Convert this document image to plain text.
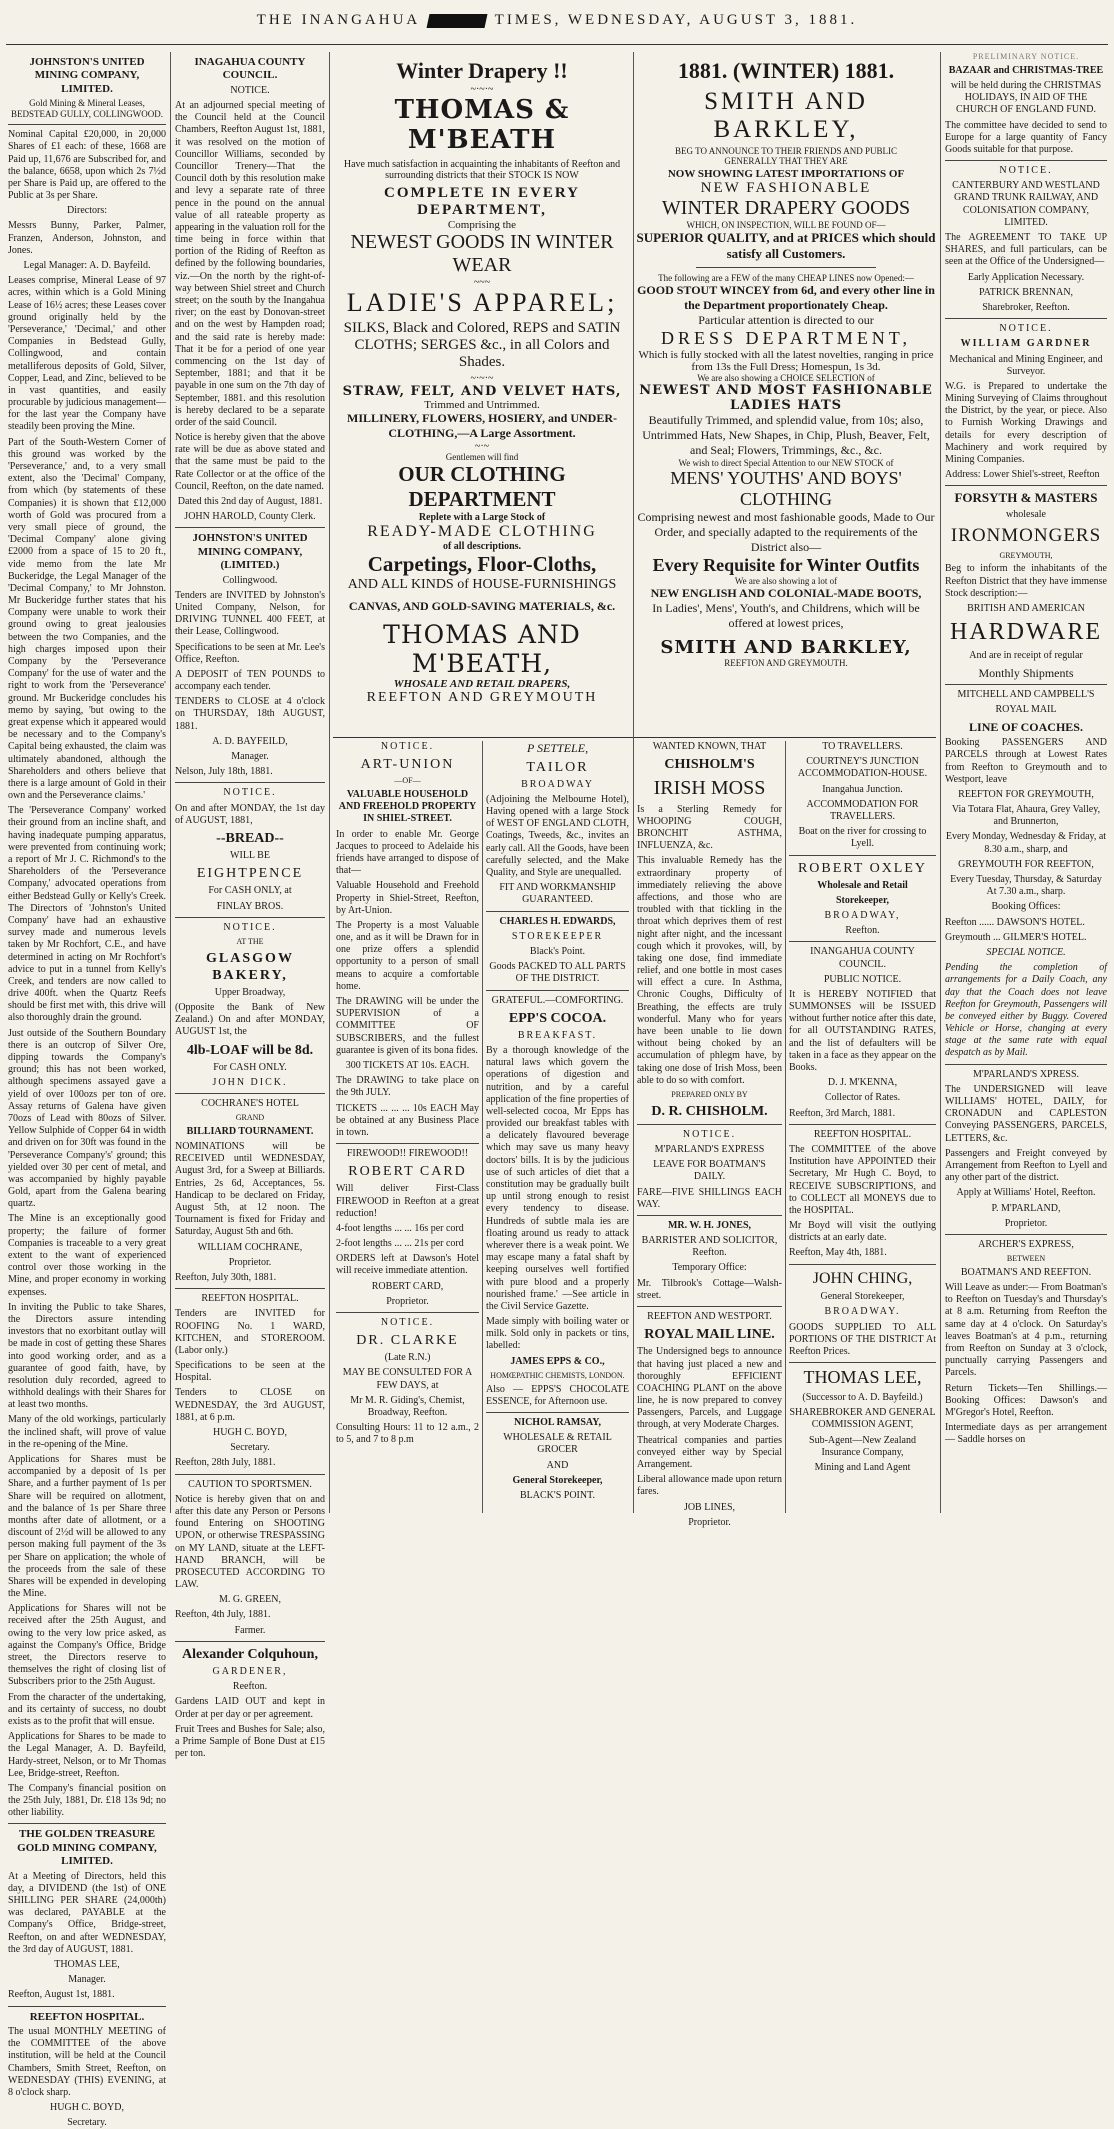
THE INANGAHUA	TIMES, WEDNESDAY, AUGUST 3, 1881.
JOHNSTON'S UNITED MINING COMPANY, LIMITED.

Gold Mining & Mineral Leases, BEDSTEAD GULLY, COLLINGWOOD.

Nominal Capital £20,000, in 20,000 Shares of £1 each: of these, 1668 are Paid up, 11,676 are Subscribed for, and the balance, 6658, upon which 2s 7½d per Share is Paid up, are offered to the Public at 3s per Share.

Directors:

Messrs Bunny, Parker, Palmer, Franzen, Anderson, Johnston, and Jones.

Legal Manager: A. D. Bayfeild.

Leases comprise, Mineral Lease of 97 acres, within which is a Gold Mining Lease of 16½ acres; these Leases cover ground originally held by the 'Perseverance,' 'Decimal,' and other Companies in Bedstead Gully, Collingwood, and contain metalliferous deposits of Gold, Silver, Copper, Lead, and Zinc, believed to be in vast quantities, and easily procurable by judicious management—for the last year the Company have steadily been proving the Mine.

Part of the South-Western Corner of this ground was worked by the 'Perseverance,' and, to a very small extent, also the 'Decimal' Company, from which (by statements of these Companies) it is shown that £12,000 worth of Gold was procured from a very small piece of ground, the 'Decimal Company' alone giving £2000 from a space of 15 to 20 ft., vide memo from the late Mr Buckeridge, the Legal Manager of the 'Decimal Company,' to Mr Johnston. Mr Buckeridge further states that his Company were unable to work their ground owing to great jealousies between the two Companies, and the high charges imposed upon their Company by the 'Perseverance Company' for the use of water and the right to work from the 'Perseverance' ground. Mr Buckeridge concludes his memo by saying, 'but owing to the great expense which it appeared would be necessary and to the Company's Capital being exhausted, the claim was ultimately abandoned, although the Shareholders and others believe that there is a large amount of Gold in their own and the Perseverance claims.'

The 'Perseverance Company' worked their ground from an incline shaft, and having inadequate pumping apparatus, were prevented from continuing work; a report of Mr J. C. Richmond's to the Shareholders of the 'Perseverance Company,' advocated operations from either Bedstead Gully or Kelly's Creek. The Directors of 'Johnston's United Company' have had an exhaustive survey made and numerous levels taken by Mr Rochfort, C.E., and have determined in acting on Mr Rochfort's advice to put in a tunnel from Kelly's Creek, and tenders are now called to drive 400ft. when the Quartz Reefs should be first met with, this drive will also thoroughly drain the ground.

Just outside of the Southern Boundary there is an outcrop of Silver Ore, dipping towards the Company's ground; this has not been worked, although specimens assayed gave a yield of over 100ozs per ton of ore. Assay returns of Galena have given 70ozs of Lead with 80ozs of Silver. Yellow Sulphide of Copper 64 in width and driven on for 30ft was found in the 'Perseverance Company's' ground; this yielded over 30 per cent of metal, and was accompanied by highly payable Gold, apart from the Galena bearing quartz.

The Mine is an exceptionally good property; the failure of former Companies is traceable to a very great extent to the want of experienced control over those working in the Mine, and proper economy in working expenses.

In inviting the Public to take Shares, the Directors assure intending investors that no exorbitant outlay will be made in cost of getting these Shares into good working order, and as a guarantee of good faith, have, by resolution duly recorded, agreed to withhold dealings with their Shares for at least two months.

Many of the old workings, particularly the inclined shaft, will prove of value in the re-opening of the Mine.

Applications for Shares must be accompanied by a deposit of 1s per Share, and a further payment of 1s per Share will be required on allotment, and the balance of 1s per Share three months after date of allotment, or a discount of 2½d will be allowed to any person making full payment of the 3s per Share on application; the whole of the proceeds from the sale of these Shares will be expended in developing the Mine.

Applications for Shares will not be received after the 25th August, and owing to the very low price asked, as against the Company's Office, Bridge street, the Directors reserve to themselves the right of closing list of Subscribers prior to the 25th August.

From the character of the undertaking, and its certainty of success, no doubt exists as to the profit that will ensue.

Applications for Shares to be made to the Legal Manager, A. D. Bayfeild, Hardy-street, Nelson, or to Mr Thomas Lee, Bridge-street, Reefton.

The Company's financial position on the 25th July, 1881, Dr. £18 13s 9d; no other liability.

THE GOLDEN TREASURE GOLD MINING COMPANY, LIMITED.

At a Meeting of Directors, held this day, a DIVIDEND (the 1st) of ONE SHILLING PER SHARE (24,000th) was declared, PAYABLE at the Company's Office, Bridge-street, Reefton, on and after WEDNESDAY, the 3rd day of AUGUST, 1881.

THOMAS LEE,

Manager.

Reefton, August 1st, 1881.

REEFTON HOSPITAL.

The usual MONTHLY MEETING of the COMMITTEE of the above institution, will be held at the Council Chambers, Smith Street, Reefton, on WEDNESDAY (THIS) EVENING, at 8 o'clock sharp.

HUGH C. BOYD,

Secretary.

INAGAHUA COUNTY COUNCIL.

NOTICE.

At an adjourned special meeting of the Council held at the Council Chambers, Reefton August 1st, 1881, it was resolved on the motion of Councillor Williams, seconded by Councillor Trenery—That the Council doth by this resolution make and levy a separate rate of three pence in the pound on the annual value of all rateable property as appearing in the valuation roll for the time being in force within that portion of the Riding of Reefton as defined by the following boundaries, viz.—On the north by the right-of-way between Shiel street and Church street; on the south by the Inangahua river; on the east by Donovan-street and on the west by Hampden road; and the said rate is hereby made: That it be for a period of one year commencing on the 1st day of September, 1881; and that it be payable in one sum on the 7th day of September, 1881. and this resolution is hereby declared to be a separate order of the said Council.

Notice is hereby given that the above rate will be due as above stated and that the same must be paid to the Rate Collector or at the office of the Council, Reefton, on the date named.

Dated this 2nd day of August, 1881.

JOHN HAROLD, County Clerk.

JOHNSTON'S UNITED MINING COMPANY, (LIMITED.)

Collingwood.

Tenders are INVITED by Johnston's United Company, Nelson, for DRIVING TUNNEL 400 FEET, at their Lease, Collingwood.

Specifications to be seen at Mr. Lee's Office, Reefton.

A DEPOSIT of TEN POUNDS to accompany each tender.

TENDERS to CLOSE at 4 o'clock on THURSDAY, 18th AUGUST, 1881.

A. D. BAYFEILD,

Manager.

Nelson, July 18th, 1881.

NOTICE.

On and after MONDAY, the 1st day of AUGUST, 1881,

--BREAD--

WILL BE

EIGHTPENCE

For CASH ONLY, at

FINLAY BROS.

NOTICE.

AT THE

GLASGOW BAKERY,

Upper Broadway,

(Opposite the Bank of New Zealand.) On and after MONDAY, AUGUST 1st, the

4lb-LOAF will be 8d.

For CASH ONLY.

JOHN DICK.

COCHRANE'S HOTEL

GRAND

BILLIARD TOURNAMENT.

NOMINATIONS will be RECEIVED until WEDNESDAY, August 3rd, for a Sweep at Billiards. Entries, 2s 6d, Acceptances, 5s. Handicap to be declared on Friday, August 5th, at 12 noon. The Tournament is fixed for Friday and Saturday, August 5th and 6th.

WILLIAM COCHRANE,

Proprietor.

Reefton, July 30th, 1881.

REEFTON HOSPITAL.

Tenders are INVITED for ROOFING No. 1 WARD, KITCHEN, and STOREROOM. (Labor only.)

Specifications to be seen at the Hospital.

Tenders to CLOSE on WEDNESDAY, the 3rd AUGUST, 1881, at 6 p.m.

HUGH C. BOYD,

Secretary.

Reefton, 28th July, 1881.

CAUTION TO SPORTSMEN.

Notice is hereby given that on and after this date any Person or Persons found Entering on SHOOTING UPON, or otherwise TRESPASSING on MY LAND, situate at the LEFT-HAND BRANCH, will be PROSECUTED ACCORDING TO LAW.

M. G. GREEN,

Reefton, 4th July, 1881.

Farmer.

Alexander Colquhoun,

GARDENER,

Reefton.

Gardens LAID OUT and kept in Order at per day or per agreement.

Fruit Trees and Bushes for Sale; also, a Prime Sample of Bone Dust at £15 per ton.

Winter Drapery !!

~·~·~

THOMAS & M'BEATH

Have much satisfaction in acquainting the inhabitants of Reefton and surrounding districts that their STOCK IS NOW

COMPLETE IN EVERY DEPARTMENT,

Comprising the

NEWEST GOODS IN WINTER WEAR

~~~

LADIE'S APPAREL;

SILKS, Black and Colored, REPS and SATIN CLOTHS; SERGES &c., in all Colors and Shades.

~·~·~

STRAW, FELT, AND VELVET HATS,

Trimmed and Untrimmed.

MILLINERY, FLOWERS, HOSIERY, and UNDER-CLOTHING,—A Large Assortment.

~·~

Gentlemen will find

OUR CLOTHING DEPARTMENT

Replete with a Large Stock of

READY-MADE CLOTHING

of all descriptions.

Carpetings, Floor-Cloths,

AND ALL KINDS of HOUSE-FURNISHINGS

CANVAS, AND GOLD-SAVING MATERIALS, &c.

THOMAS AND M'BEATH,

WHOSALE AND RETAIL DRAPERS,

REEFTON AND GREYMOUTH

1881. (WINTER) 1881.

SMITH AND BARKLEY,

BEG TO ANNOUNCE TO THEIR FRIENDS AND PUBLIC GENERALLY THAT THEY ARE

NOW SHOWING LATEST IMPORTATIONS OF

NEW FASHIONABLE

WINTER DRAPERY GOODS

WHICH, ON INSPECTION, WILL BE FOUND OF—

SUPERIOR QUALITY, and at PRICES which should satisfy all Customers.

The following are a FEW of the many CHEAP LINES now Opened:—

GOOD STOUT WINCEY from 6d, and every other line in the Department proportionately Cheap.

Particular attention is directed to our

DRESS DEPARTMENT,

Which is fully stocked with all the latest novelties, ranging in price from 13s the Full Dress; Homespun, 1s 3d.

We are also showing a CHOICE SELECTION of

NEWEST AND MOST FASHIONABLE LADIES HATS

Beautifully Trimmed, and splendid value, from 10s; also, Untrimmed Hats, New Shapes, in Chip, Plush, Beaver, Felt, and Seal; Flowers, Trimmings, &c., &c.

We wish to direct Special Attention to our NEW STOCK of

MENS' YOUTHS' AND BOYS' CLOTHING

Comprising newest and most fashionable goods, Made to Our Order, and specially adapted to the requirements of the District also—

Every Requisite for Winter Outfits

We are also showing a lot of

NEW ENGLISH AND COLONIAL-MADE BOOTS,

In Ladies', Mens', Youth's, and Childrens, which will be offered at lowest prices,

SMITH AND BARKLEY,

REEFTON AND GREYMOUTH.

NOTICE.

ART-UNION

—OF—

VALUABLE HOUSEHOLD AND FREEHOLD PROPERTY IN SHIEL-STREET.

In order to enable Mr. George Jacques to proceed to Adelaide his friends have arranged to dispose of that—

Valuable Household and Freehold Property in Shiel-Street, Reefton, by Art-Union.

The Property is a most Valuable one, and as it will be Drawn for in one prize offers a splendid opportunity to a person of small means to acquire a comfortable home.

The DRAWING will be under the SUPERVISION of a COMMITTEE OF SUBSCRIBERS, and the fullest guarantee is given of its bona fides.

300 TICKETS AT 10s. EACH.

The DRAWING to take place on the 9th JULY.

TICKETS ... ... ... 10s EACH May be obtained at any Business Place in town.

FIREWOOD!! FIREWOOD!!

ROBERT CARD

Will deliver First-Class FIREWOOD in Reefton at a great reduction!

4-foot lengths ... ... 16s per cord

2-foot lengths ... ... 21s per cord

ORDERS left at Dawson's Hotel will receive immediate attention.

ROBERT CARD,

Proprietor.

NOTICE.

DR. CLARKE

(Late R.N.)

MAY BE CONSULTED FOR A FEW DAYS, at

Mr M. R. Giding's, Chemist, Broadway, Reefton.

Consulting Hours: 11 to 12 a.m., 2 to 5, and 7 to 8 p.m

P SETTELE,

TAILOR

BROADWAY

(Adjoining the Melbourne Hotel), Having opened with a large Stock of WEST OF ENGLAND CLOTH, Coatings, Tweeds, &c., invites an early call. All the Goods, have been carefully selected, and the Make Quality, and Style are unequalled.

FIT AND WORKMANSHIP GUARANTEED.

CHARLES H. EDWARDS,

STOREKEEPER

Black's Point.

Goods PACKED TO ALL PARTS OF THE DISTRICT.

GRATEFUL.—COMFORTING.

EPP'S COCOA.

BREAKFAST.

By a thorough knowledge of the natural laws which govern the operations of digestion and nutrition, and by a careful application of the fine properties of well-selected cocoa, Mr Epps has provided our breakfast tables with a delicately flavoured beverage which may save us many heavy doctors' bills. It is by the judicious use of such articles of diet that a constitution may be gradually built up until strong enough to resist every tendency to disease. Hundreds of subtle mala ies are floating around us ready to attack wherever there is a weak point. We may escape many a fatal shaft by keeping ourselves well fortified with pure blood and a properly nourished frame.' —See article in the Civil Service Gazette.

Made simply with boiling water or milk. Sold only in packets or tins, labelled:

JAMES EPPS & CO.,

HOMŒPATHIC CHEMISTS, LONDON.

Also — EPPS'S CHOCOLATE ESSENCE, for Afternoon use.

NICHOL RAMSAY,

WHOLESALE & RETAIL GROCER

AND

General Storekeeper,

BLACK'S POINT.

WANTED KNOWN, THAT

CHISHOLM'S

IRISH MOSS

Is a Sterling Remedy for WHOOPING COUGH, BRONCHIT ASTHMA, INFLUENZA, &c.

This invaluable Remedy has the extraordinary property of immediately relieving the above affections, and those who are troubled with that tickling in the throat which deprives them of rest night after night, and the incessant cough which it provokes, will, by taking one dose, find immediate relief, and one bottle in most cases will effect a cure. In Asthma, Chronic Coughs, Difficulty of Breathing, the effects are truly wonderful. Many who for years have been unable to lie down without being choked by an accumulation of phlegm have, by taking one dose of Irish Moss, been able to do so with comfort.

PREPARED ONLY BY

D. R. CHISHOLM.

NOTICE.

M'PARLAND'S EXPRESS

LEAVE FOR BOATMAN'S DAILY.

FARE—FIVE SHILLINGS EACH WAY.

MR. W. H. JONES,

BARRISTER AND SOLICITOR, Reefton.

Temporary Office:

Mr. Tilbrook's Cottage—Walsh-street.

REEFTON AND WESTPORT.

ROYAL MAIL LINE.

The Undersigned begs to announce that having just placed a new and thoroughly EFFICIENT COACHING PLANT on the above line, he is now prepared to convey Passengers, Parcels, and Luggage through, at very Moderate Charges.

Theatrical companies and parties conveyed either way by Special Arrangement.

Liberal allowance made upon return fares.

JOB LINES,

Proprietor.

TO TRAVELLERS.

COURTNEY'S JUNCTION ACCOMMODATION-HOUSE.

Inangahua Junction.

ACCOMMODATION FOR TRAVELLERS.

Boat on the river for crossing to Lyell.

ROBERT OXLEY

Wholesale and Retail

Storekeeper,

BROADWAY,

Reefton.

INANGAHUA COUNTY COUNCIL.

PUBLIC NOTICE.

It is HEREBY NOTIFIED that SUMMONSES will be ISSUED without further notice after this date, for all OUTSTANDING RATES, and the list of defaulters will be taken in a face as they appear on the Books.

D. J. M'KENNA,

Collector of Rates.

Reefton, 3rd March, 1881.

REEFTON HOSPITAL.

The COMMITTEE of the above Institution have APPOINTED their Secretary, Mr Hugh C. Boyd, to RECEIVE SUBSCRIPTIONS, and to COLLECT all MONEYS due to the HOSPITAL.

Mr Boyd will visit the outlying districts at an early date.

Reefton, May 4th, 1881.

JOHN CHING,

General Storekeeper,

BROADWAY.

GOODS SUPPLIED TO ALL PORTIONS OF THE DISTRICT At Reefton Prices.

THOMAS LEE,

(Successor to A. D. Bayfeild.)

SHAREBROKER AND GENERAL COMMISSION AGENT,

Sub-Agent—New Zealand Insurance Company,

Mining and Land Agent

PRELIMINARY NOTICE.

BAZAAR and CHRISTMAS-TREE

will be held during the CHRISTMAS HOLIDAYS, IN AID OF THE CHURCH OF ENGLAND FUND.

The committee have decided to send to Europe for a large quantity of Fancy Goods suitable for that purpose.

NOTICE.

CANTERBURY AND WESTLAND GRAND TRUNK RAILWAY, AND COLONISATION COMPANY, LIMITED.

The AGREEMENT TO TAKE UP SHARES, and full particulars, can be seen at the Office of the Undersigned—

Early Application Necessary.

PATRICK BRENNAN,

Sharebroker, Reefton.

NOTICE.

WILLIAM GARDNER

Mechanical and Mining Engineer, and Surveyor.

W.G. is Prepared to undertake the Mining Surveying of Claims throughout the District, by the year, or piece. Also to Furnish Working Drawings and details for every description of Machinery and work required by Mining Companies.

Address: Lower Shiel's-street, Reefton

FORSYTH & MASTERS

wholesale

IRONMONGERS

GREYMOUTH,

Beg to inform the inhabitants of the Reefton District that they have immense Stock description:—

BRITISH AND AMERICAN

HARDWARE

And are in receipt of regular

Monthly Shipments

MITCHELL AND CAMPBELL'S

ROYAL MAIL

LINE OF COACHES.

Booking PASSENGERS AND PARCELS through at Lowest Rates from Reefton to Greymouth and to Westport, leave

REEFTON FOR GREYMOUTH,

Via Totara Flat, Ahaura, Grey Valley, and Brunnerton,

Every Monday, Wednesday & Friday, at 8.30 a.m., sharp, and

GREYMOUTH FOR REEFTON,

Every Tuesday, Thursday, & Saturday At 7.30 a.m., sharp.

Booking Offices:

Reefton ...... DAWSON'S HOTEL.

Greymouth ... GILMER'S HOTEL.

SPECIAL NOTICE.

Pending the completion of arrangements for a Daily Coach, any day that the Coach does not leave Reefton for Greymouth, Passengers will be conveyed either by Buggy. Covered Vehicle or Horse, changing at every stage at the same rate with equal despatch as by Mail.

M'PARLAND'S XPRESS.

The UNDERSIGNED will leave WILLIAMS' HOTEL, DAILY, for CRONADUN and CAPLESTON Conveying PASSENGERS, PARCELS, LETTERS, &c.

Passengers and Freight conveyed by Arrangement from Reefton to Lyell and any other part of the district.

Apply at Williams' Hotel, Reefton.

P. M'PARLAND,

Proprietor.

ARCHER'S EXPRESS,

BETWEEN

BOATMAN'S AND REEFTON.

Will Leave as under:— From Boatman's to Reefton on Tuesday's and Thursday's at 8 a.m. Returning from Reefton the same day at 4 o'clock. On Saturday's leaves Boatman's at 4 p.m., returning from Reefton on Sunday at 3 o'clock, punctually carrying Passengers and Parcels.

Return Tickets—Ten Shillings.—Booking Offices: Dawson's and M'Gregor's Hotel, Reefton.

Intermediate days as per arrangement — Saddle horses on
